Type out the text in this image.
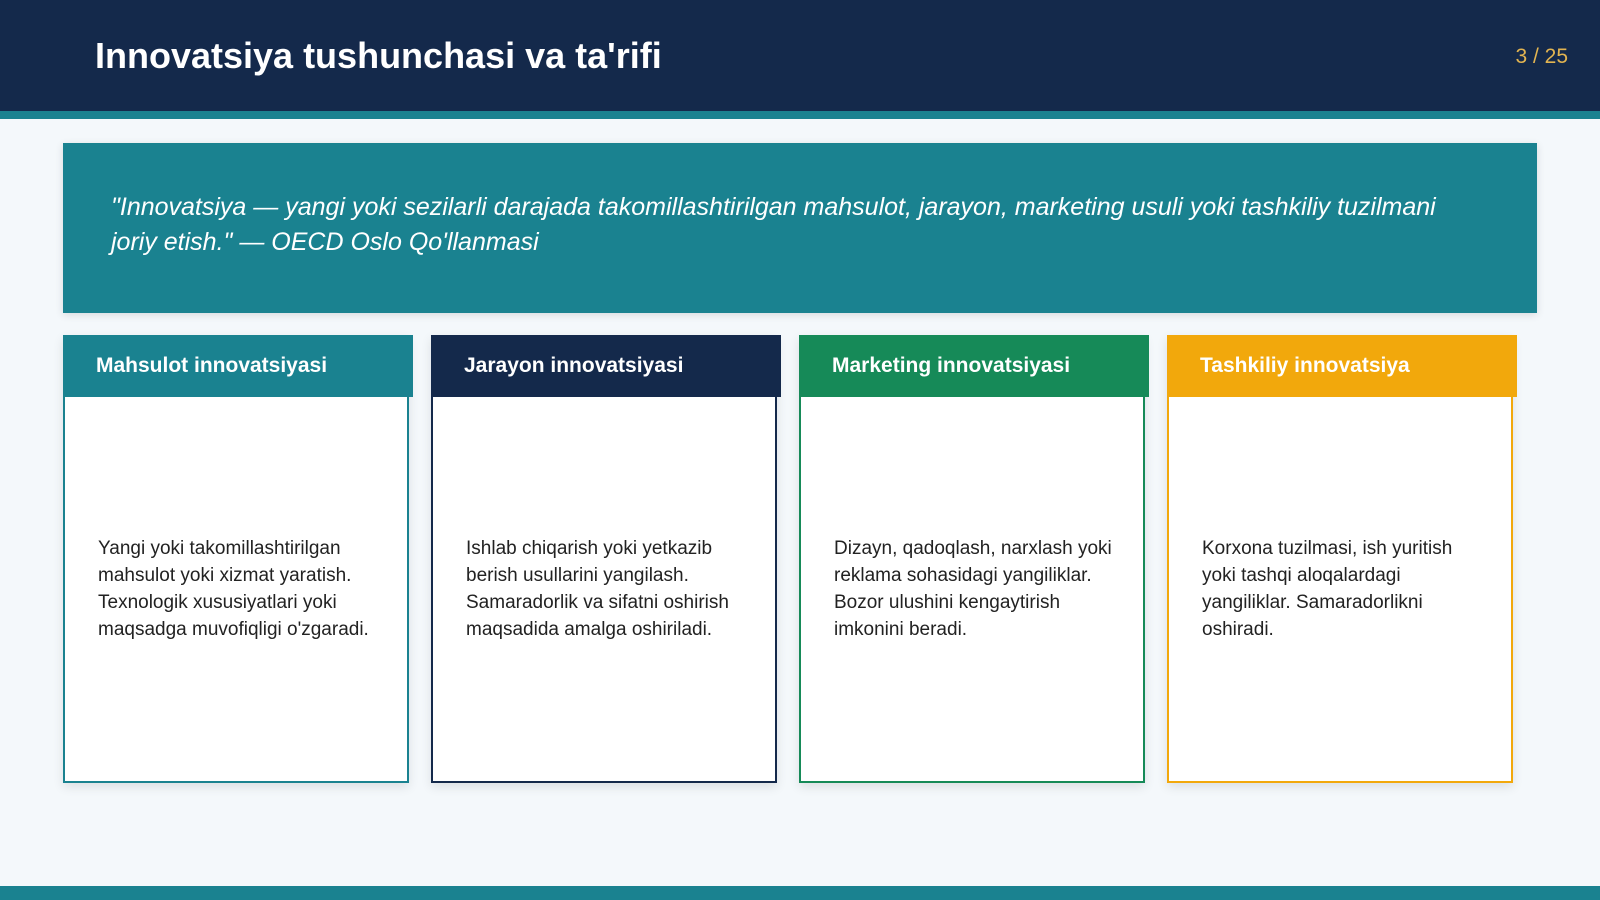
Innovatsiya tushunchasi va ta'rifi	3 / 25

"Innovatsiya — yangi yoki sezilarli darajada takomillashtirilgan mahsulot, jarayon, marketing usuli yoki tashkiliy tuzilmani joriy etish." — OECD Oslo Qo'llanmasi

Mahsulot innovatsiyasi

Yangi yoki takomillashtirilgan mahsulot yoki xizmat yaratish. Texnologik xususiyatlari yoki maqsadga muvofiqligi o'zgaradi.

Jarayon innovatsiyasi

Ishlab chiqarish yoki yetkazib berish usullarini yangilash. Samaradorlik va sifatni oshirish maqsadida amalga oshiriladi.

Marketing innovatsiyasi

Dizayn, qadoqlash, narxlash yoki reklama sohasidagi yangiliklar. Bozor ulushini kengaytirish imkonini beradi.

Tashkiliy innovatsiya

Korxona tuzilmasi, ish yuritish yoki tashqi aloqalardagi yangiliklar. Samaradorlikni oshiradi.
